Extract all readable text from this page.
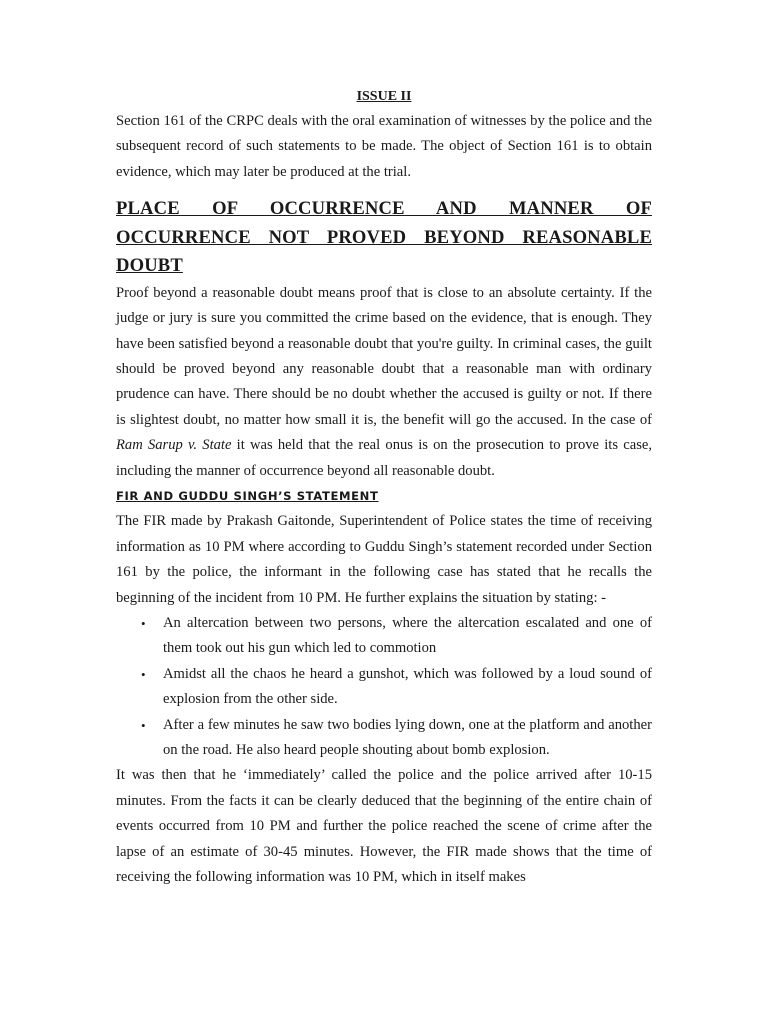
ISSUE II

Section 161 of the CRPC deals with the oral examination of witnesses by the police and the subsequent record of such statements to be made. The object of Section 161 is to obtain evidence, which may later be produced at the trial.

PLACE OF OCCURRENCE AND MANNER OF OCCURRENCE NOT PROVED BEYOND REASONABLE DOUBT

Proof beyond a reasonable doubt means proof that is close to an absolute certainty. If the judge or jury is sure you committed the crime based on the evidence, that is enough. They have been satisfied beyond a reasonable doubt that you're guilty. In criminal cases, the guilt should be proved beyond any reasonable doubt that a reasonable man with ordinary prudence can have. There should be no doubt whether the accused is guilty or not. If there is slightest doubt, no matter how small it is, the benefit will go the accused. In the case of Ram Sarup v. State it was held that the real onus is on the prosecution to prove its case, including the manner of occurrence beyond all reasonable doubt.

FIR AND GUDDU SINGH’S STATEMENT

The FIR made by Prakash Gaitonde, Superintendent of Police states the time of receiving information as 10 PM where according to Guddu Singh’s statement recorded under Section 161 by the police, the informant in the following case has stated that he recalls the beginning of the incident from 10 PM. He further explains the situation by stating: -

• An altercation between two persons, where the altercation escalated and one of them took out his gun which led to commotion
• Amidst all the chaos he heard a gunshot, which was followed by a loud sound of explosion from the other side.
• After a few minutes he saw two bodies lying down, one at the platform and another on the road. He also heard people shouting about bomb explosion.

It was then that he ‘immediately’ called the police and the police arrived after 10-15 minutes. From the facts it can be clearly deduced that the beginning of the entire chain of events occurred from 10 PM and further the police reached the scene of crime after the lapse of an estimate of 30-45 minutes. However, the FIR made shows that the time of receiving the following information was 10 PM, which in itself makes
